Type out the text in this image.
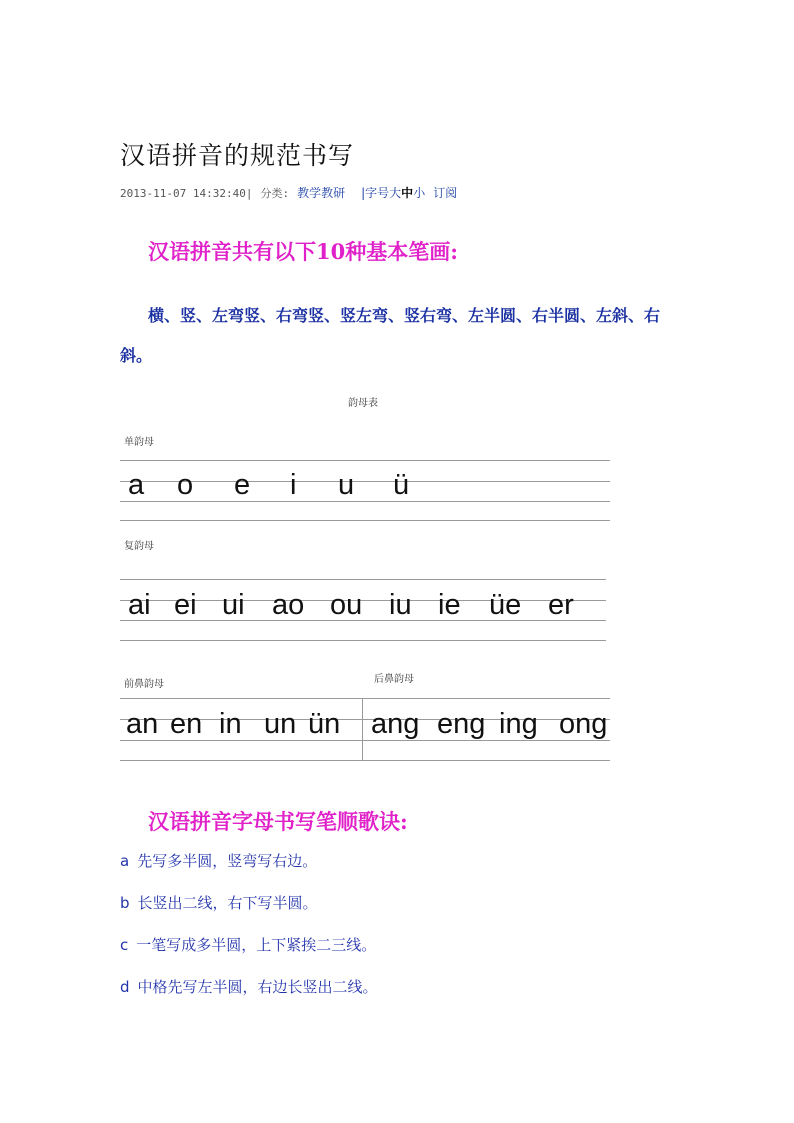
汉语拼音的规范书写
2013-11-07 14:32:40| 分类: 教学教研 |字号大中小 订阅
汉语拼音共有以下10种基本笔画:
横、竖、左弯竖、右弯竖、竖左弯、竖右弯、左半圆、右半圆、左斜、右斜。
韵母表
单韵母
a o e i u ü
复韵母
ai ei ui ao ou iu ie üe er
前鼻韵母	后鼻韵母
an en in un ün ang eng ing ong
汉语拼音字母书写笔顺歌诀:
a 先写多半圆，竖弯写右边。
b 长竖出二线，右下写半圆。
c 一笔写成多半圆，上下紧挨二三线。
d 中格先写左半圆，右边长竖出二线。
